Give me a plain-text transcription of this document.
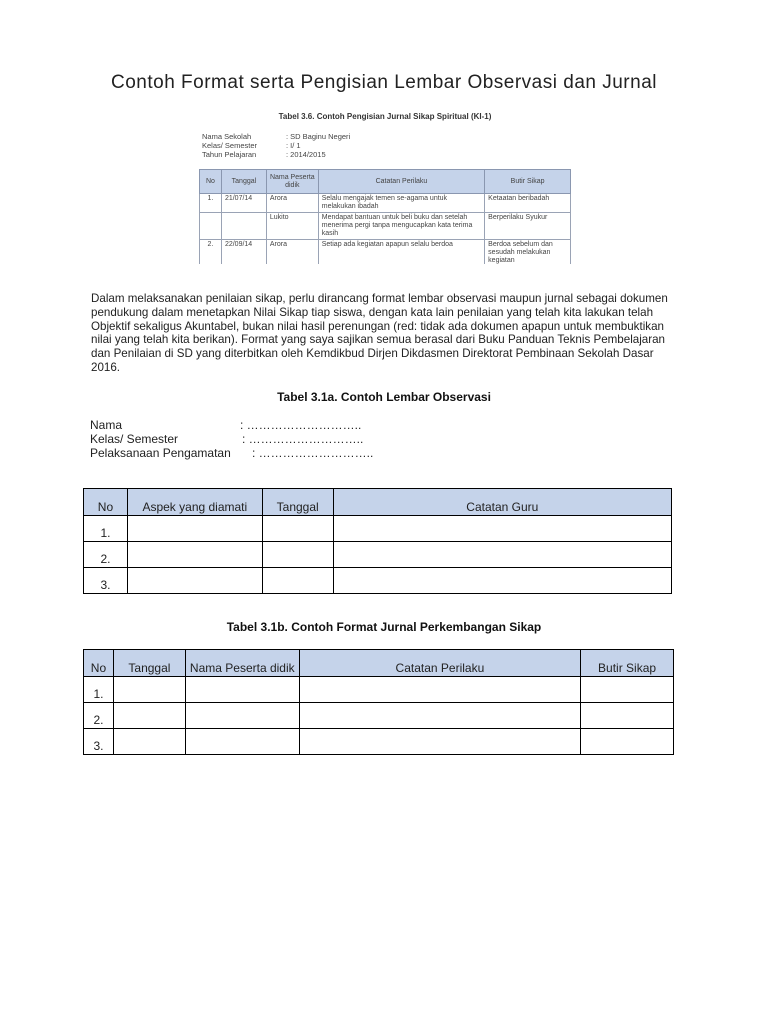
Contoh Format serta Pengisian Lembar Observasi dan Jurnal
Tabel 3.6. Contoh Pengisian Jurnal Sikap Spiritual (KI-1)
Nama Sekolah	: SD Baginu Negeri
Kelas/ Semester	: I/ 1
Tahun Pelajaran	: 2014/2015
No	Tanggal	Nama Peserta didik	Catatan Perilaku	Butir Sikap
1.	21/07/14	Arora	Selalu mengajak temen se-agama untuk melakukan ibadah	Ketaatan beribadah
		Lukito	Mendapat bantuan untuk beli buku dan setelah menerima pergi tanpa mengucapkan kata terima kasih	Berperilaku Syukur
2.	22/09/14	Arora	Setiap ada kegiatan apapun selalu berdoa	Berdoa sebelum dan sesudah melakukan kegiatan
Dalam melaksanakan penilaian sikap, perlu dirancang format lembar observasi maupun jurnal sebagai dokumen pendukung dalam menetapkan Nilai Sikap tiap siswa, dengan kata lain penilaian yang telah kita lakukan telah Objektif sekaligus Akuntabel, bukan nilai hasil perenungan (red: tidak ada dokumen apapun untuk membuktikan nilai yang telah kita berikan). Format yang saya sajikan semua berasal dari Buku Panduan Teknis Pembelajaran dan Penilaian di SD yang diterbitkan oleh Kemdikbud Dirjen Dikdasmen Direktorat Pembinaan Sekolah Dasar 2016.
Tabel 3.1a. Contoh Lembar Observasi
Nama	: ………………………..
Kelas/ Semester	: ………………………..
Pelaksanaan Pengamatan : ………………………..
No	Aspek yang diamati	Tanggal	Catatan Guru
1.			
2.			
3.			
Tabel 3.1b. Contoh Format Jurnal Perkembangan Sikap
No	Tanggal	Nama Peserta didik	Catatan Perilaku	Butir Sikap
1.				
2.				
3.				
